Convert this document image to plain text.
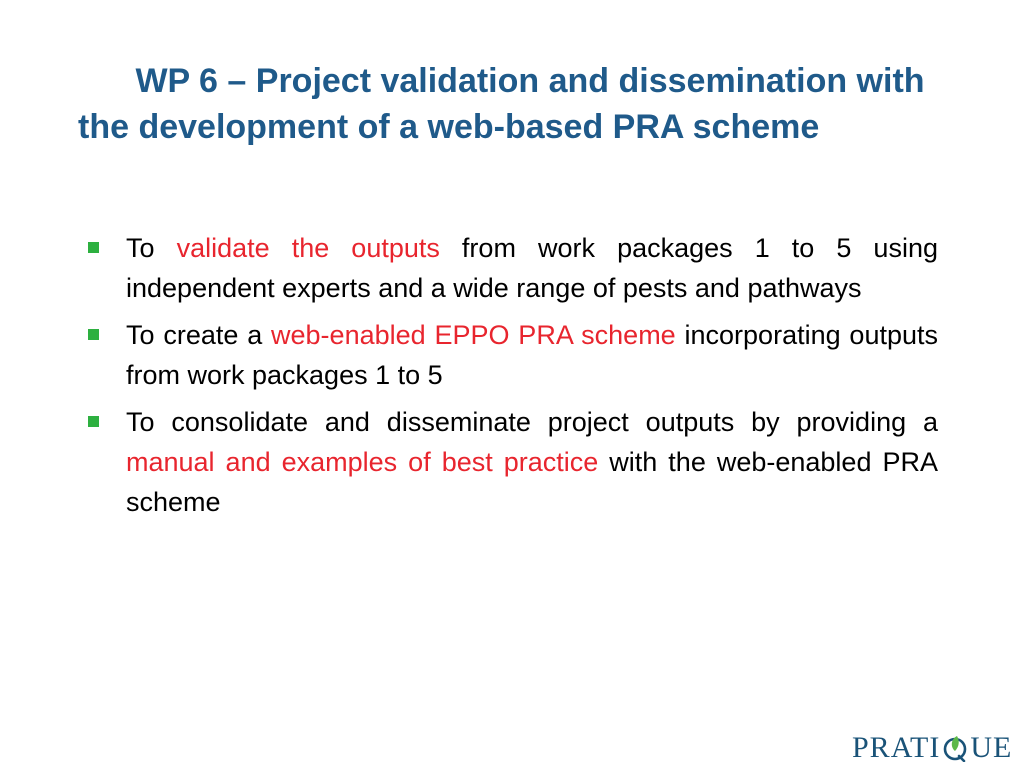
WP 6 – Project validation and dissemination with
the development of a web-based PRA scheme
To validate the outputs from work packages 1 to 5 using independent experts and a wide range of pests and pathways
To create a web-enabled EPPO PRA scheme incorporating outputs from work packages 1 to 5
To consolidate and disseminate project outputs by providing a manual and examples of best practice with the web-enabled PRA scheme
PRATI UE
